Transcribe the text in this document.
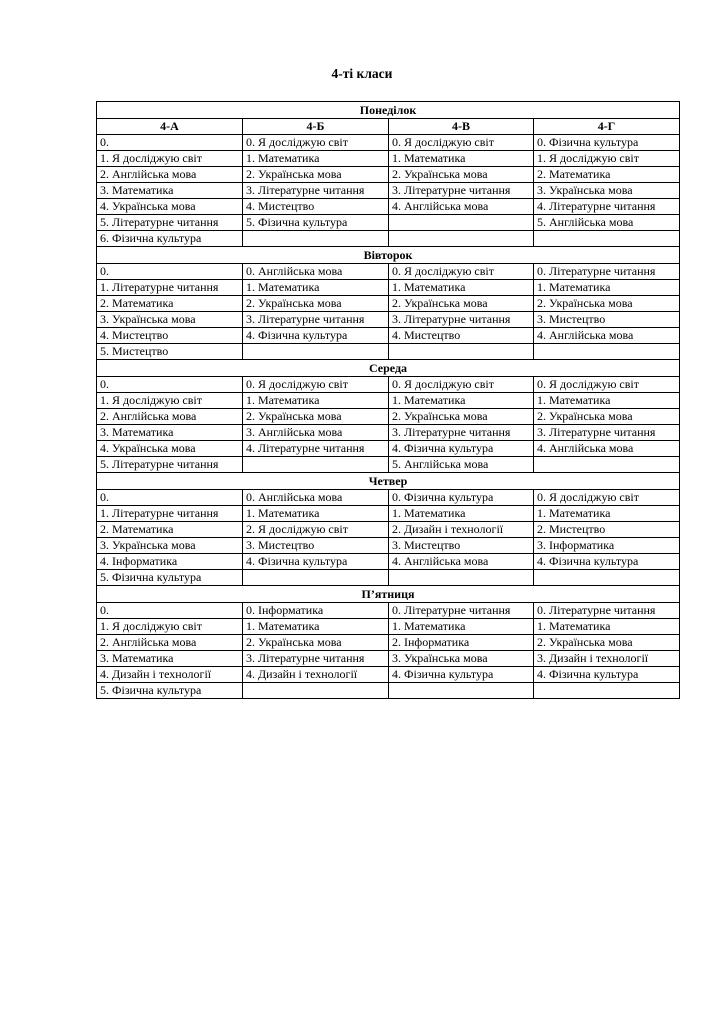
4-ті класи
Понеділок			
4-А	4-Б	4-В	4-Г
0.	0. Я досліджую світ	0. Я досліджую світ	0. Фізична культура
1. Я досліджую світ	1. Математика	1. Математика	1. Я досліджую світ
2. Англійська мова	2. Українська мова	2. Українська мова	2. Математика
3. Математика	3. Літературне читання	3. Літературне читання	3. Українська мова
4. Українська мова	4. Мистецтво	4. Англійська мова	4. Літературне читання
5. Літературне читання	5. Фізична культура		5. Англійська мова
6. Фізична культура			
Вівторок			
0.	0. Англійська мова	0. Я досліджую світ	0. Літературне читання
1. Літературне читання	1. Математика	1. Математика	1. Математика
2. Математика	2. Українська мова	2. Українська мова	2. Українська мова
3. Українська мова	3. Літературне читання	3. Літературне читання	3. Мистецтво
4. Мистецтво	4. Фізична культура	4. Мистецтво	4. Англійська мова
5. Мистецтво			
Середа			
0.	0. Я досліджую світ	0. Я досліджую світ	0. Я досліджую світ
1. Я досліджую світ	1. Математика	1. Математика	1. Математика
2. Англійська мова	2. Українська мова	2. Українська мова	2. Українська мова
3. Математика	3. Англійська мова	3. Літературне читання	3. Літературне читання
4. Українська мова	4. Літературне читання	4. Фізична культура	4. Англійська мова
5. Літературне читання		5. Англійська мова	
Четвер			
0.	0. Англійська мова	0. Фізична культура	0. Я досліджую світ
1. Літературне читання	1. Математика	1. Математика	1. Математика
2. Математика	2. Я досліджую світ	2. Дизайн і технології	2. Мистецтво
3. Українська мова	3. Мистецтво	3. Мистецтво	3. Інформатика
4. Інформатика	4. Фізична культура	4. Англійська мова	4. Фізична культура
5. Фізична культура			
П’ятниця			
0.	0. Інформатика	0. Літературне читання	0. Літературне читання
1. Я досліджую світ	1. Математика	1. Математика	1. Математика
2. Англійська мова	2. Українська мова	2. Інформатика	2. Українська мова
3. Математика	3. Літературне читання	3. Українська мова	3. Дизайн і технології
4. Дизайн і технології	4. Дизайн і технології	4. Фізична культура	4. Фізична культура
5. Фізична культура			
